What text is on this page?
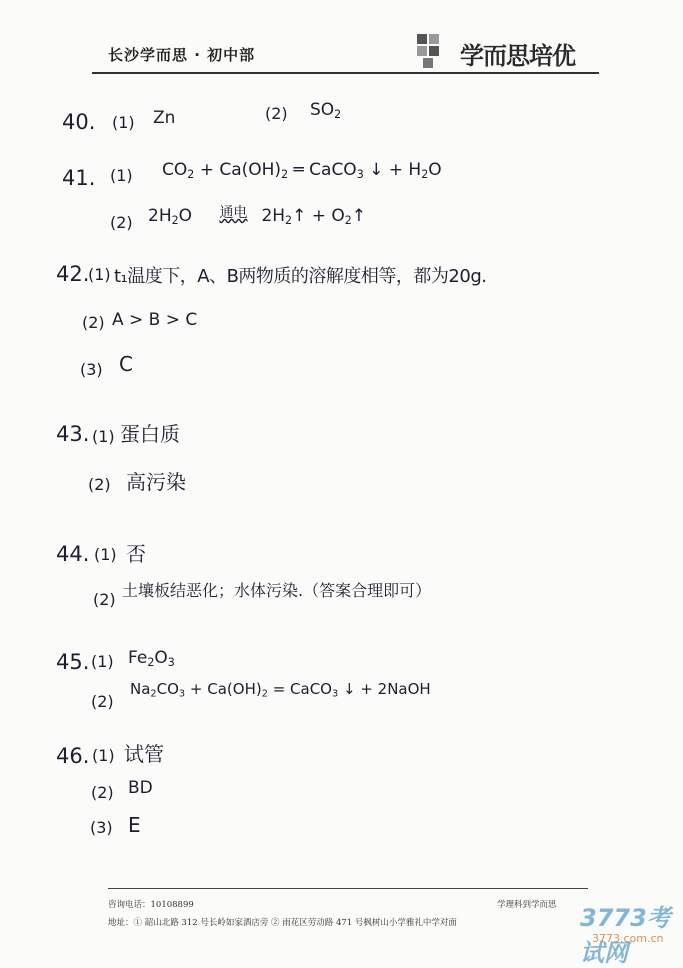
长沙学而思 · 初中部	学而思培优
40. (1) Zn	(2) $SO_2$
41. (1) $CO_2 + Ca(OH)_2$ ═ CaCO$_3$ ↓ + $H_2O$
(2) $2H_2O$ $^{通电}$ $2H_2↑$ + $O_2↑$
42.
(1) t₁温度下，A、B两物质的溶解度相等，都为20g.
(2) A > B > C
(3) C
43. (1) 蛋白质
(2) 高污染
44. (1) 否
(2) 土壤板结恶化；水体污染.（答案合理即可）
45. (1) $Fe_2O_3$
(2)
$Na_2CO_3 + Ca(OH)_2$ = CaCO$_3$ ↓ + 2NaOH
46. (1) 试管
(2) BD
(3) E
咨询电话：10108899	学理科到学而思
地址：① 韶山北路 312 号长岭如家酒店旁 ② 雨花区劳动路 471 号枫树山小学雅礼中学对面	3773考试网
3773.com.cn
